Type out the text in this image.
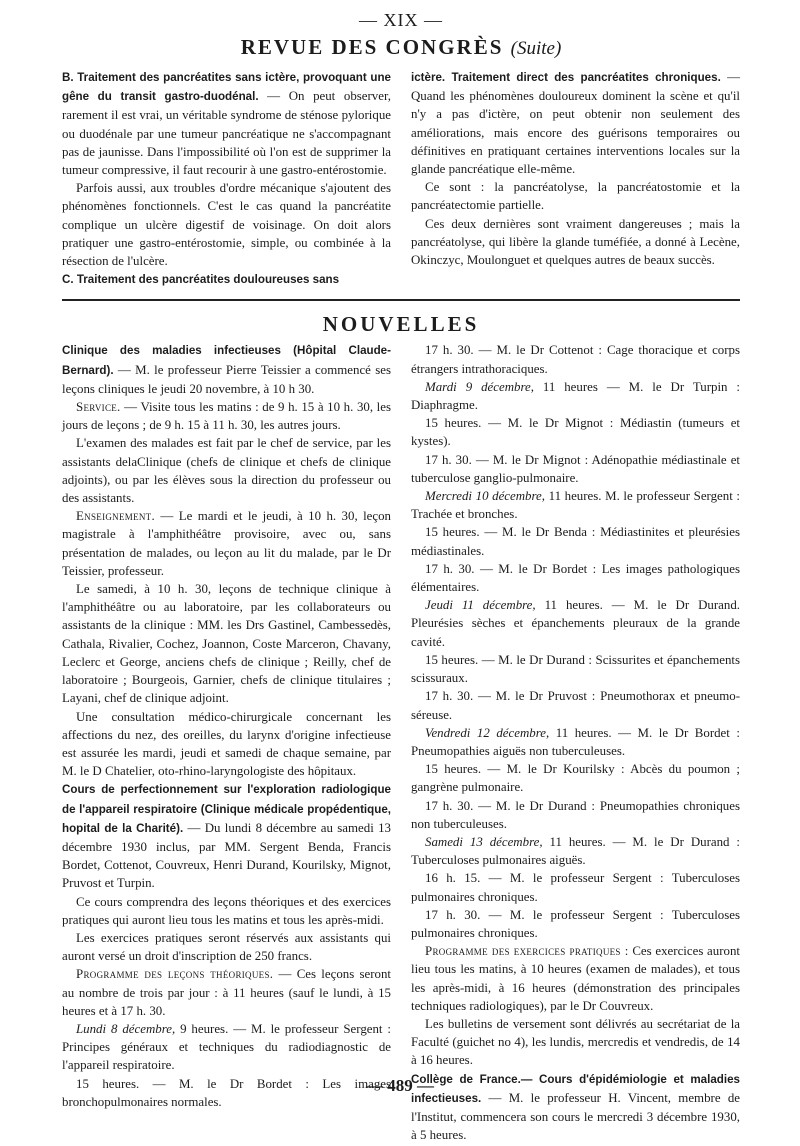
— XIX —
REVUE DES CONGRÈS (Suite)

B. Traitement des pancréatites sans ictère, provoquant une gêne du transit gastro-duodénal. — On peut observer, rarement il est vrai, un véritable syndrome de sténose pylorique ou duodénale par une tumeur pancréatique ne s'accompagnant pas de jaunisse. Dans l'impossibilité où l'on est de supprimer la tumeur compressive, il faut recourir à une gastro-entérostomie.

Parfois aussi, aux troubles d'ordre mécanique s'ajoutent des phénomènes fonctionnels. C'est le cas quand la pancréatite complique un ulcère digestif de voisinage. On doit alors pratiquer une gastro-entérostomie, simple, ou combinée à la résection de l'ulcère.

C. Traitement des pancréatites douloureuses sans

ictère. Traitement direct des pancréatites chroniques. — Quand les phénomènes douloureux dominent la scène et qu'il n'y a pas d'ictère, on peut obtenir non seulement des améliorations, mais encore des guérisons temporaires ou définitives en pratiquant certaines interventions locales sur la glande pancréatique elle-même.

Ce sont : la pancréatolyse, la pancréatostomie et la pancréatectomie partielle.

Ces deux dernières sont vraiment dangereuses ; mais la pancréatolyse, qui libère la glande tuméfiée, a donné à Lecène, Okinczyc, Moulonguet et quelques autres de beaux succès.

NOUVELLES

Clinique des maladies infectieuses (Hôpital Claude-Bernard). — M. le professeur Pierre Teissier a commencé ses leçons cliniques le jeudi 20 novembre, à 10 h 30.

Service. — Visite tous les matins : de 9 h. 15 à 10 h. 30, les jours de leçons ; de 9 h. 15 à 11 h. 30, les autres jours.

L'examen des malades est fait par le chef de service, par les assistants delaClinique (chefs de clinique et chefs de clinique adjoints), ou par les élèves sous la direction du professeur ou des assistants.

Enseignement. — Le mardi et le jeudi, à 10 h. 30, leçon magistrale à l'amphithéâtre provisoire, avec ou, sans présentation de malades, ou leçon au lit du malade, par le Dr Teissier, professeur.

Le samedi, à 10 h. 30, leçons de technique clinique à l'amphithéâtre ou au laboratoire, par les collaborateurs ou assistants de la clinique : MM. les Drs Gastinel, Cambessedès, Cathala, Rivalier, Cochez, Joannon, Coste Marceron, Chavany, Leclerc et George, anciens chefs de clinique ; Reilly, chef de laboratoire ; Bourgeois, Garnier, chefs de clinique titulaires ; Layani, chef de clinique adjoint.

Une consultation médico-chirurgicale concernant les affections du nez, des oreilles, du larynx d'origine infectieuse est assurée les mardi, jeudi et samedi de chaque semaine, par M. le D Chatelier, oto-rhino-laryngologiste des hôpitaux.

Cours de perfectionnement sur l'exploration radiologique de l'appareil respiratoire (Clinique médicale propédentique, hopital de la Charité). — Du lundi 8 décembre au samedi 13 décembre 1930 inclus, par MM. Sergent Benda, Francis Bordet, Cottenot, Couvreux, Henri Durand, Kourilsky, Mignot, Pruvost et Turpin.

Ce cours comprendra des leçons théoriques et des exercices pratiques qui auront lieu tous les matins et tous les après-midi.

Les exercices pratiques seront réservés aux assistants qui auront versé un droit d'inscription de 250 francs.

Programme des leçons théoriques. — Ces leçons seront au nombre de trois par jour : à 11 heures (sauf le lundi, à 15 heures et à 17 h. 30.

Lundi 8 décembre, 9 heures. — M. le professeur Sergent : Principes généraux et techniques du radiodiagnostic de l'appareil respiratoire.

15 heures. — M. le Dr Bordet : Les images bronchopulmonaires normales.

17 h. 30. — M. le Dr Cottenot : Cage thoracique et corps étrangers intrathoraciques.

Mardi 9 décembre, 11 heures — M. le Dr Turpin : Diaphragme.

15 heures. — M. le Dr Mignot : Médiastin (tumeurs et kystes).

17 h. 30. — M. le Dr Mignot : Adénopathie médiastinale et tuberculose ganglio-pulmonaire.

Mercredi 10 décembre, 11 heures. M. le professeur Sergent : Trachée et bronches.

15 heures. — M. le Dr Benda : Médiastinites et pleurésies médiastinales.

17 h. 30. — M. le Dr Bordet : Les images pathologiques élémentaires.

Jeudi 11 décembre, 11 heures. — M. le Dr Durand. Pleurésies sèches et épanchements pleuraux de la grande cavité.

15 heures. — M. le Dr Durand : Scissurites et épanchements scissuraux.

17 h. 30. — M. le Dr Pruvost : Pneumothorax et pneumo-séreuse.

Vendredi 12 décembre, 11 heures. — M. le Dr Bordet : Pneumopathies aiguës non tuberculeuses.

15 heures. — M. le Dr Kourilsky : Abcès du poumon ; gangrène pulmonaire.

17 h. 30. — M. le Dr Durand : Pneumopathies chroniques non tuberculeuses.

Samedi 13 décembre, 11 heures. — M. le Dr Durand : Tuberculoses pulmonaires aiguës.

16 h. 15. — M. le professeur Sergent : Tuberculoses pulmonaires chroniques.

17 h. 30. — M. le professeur Sergent : Tuberculoses pulmonaires chroniques.

Programme des exercices pratiques : Ces exercices auront lieu tous les matins, à 10 heures (examen de malades), et tous les après-midi, à 16 heures (démonstration des principales techniques radiologiques), par le Dr Couvreux.

Les bulletins de versement sont délivrés au secrétariat de la Faculté (guichet no 4), les lundis, mercredis et vendredis, de 14 à 16 heures.

Collège de France.— Cours d'épidémiologie et maladies infectieuses. — M. le professeur H. Vincent, membre de l'Institut, commencera son cours le mercredi 3 décembre 1930, à 5 heures.

— 489 —
